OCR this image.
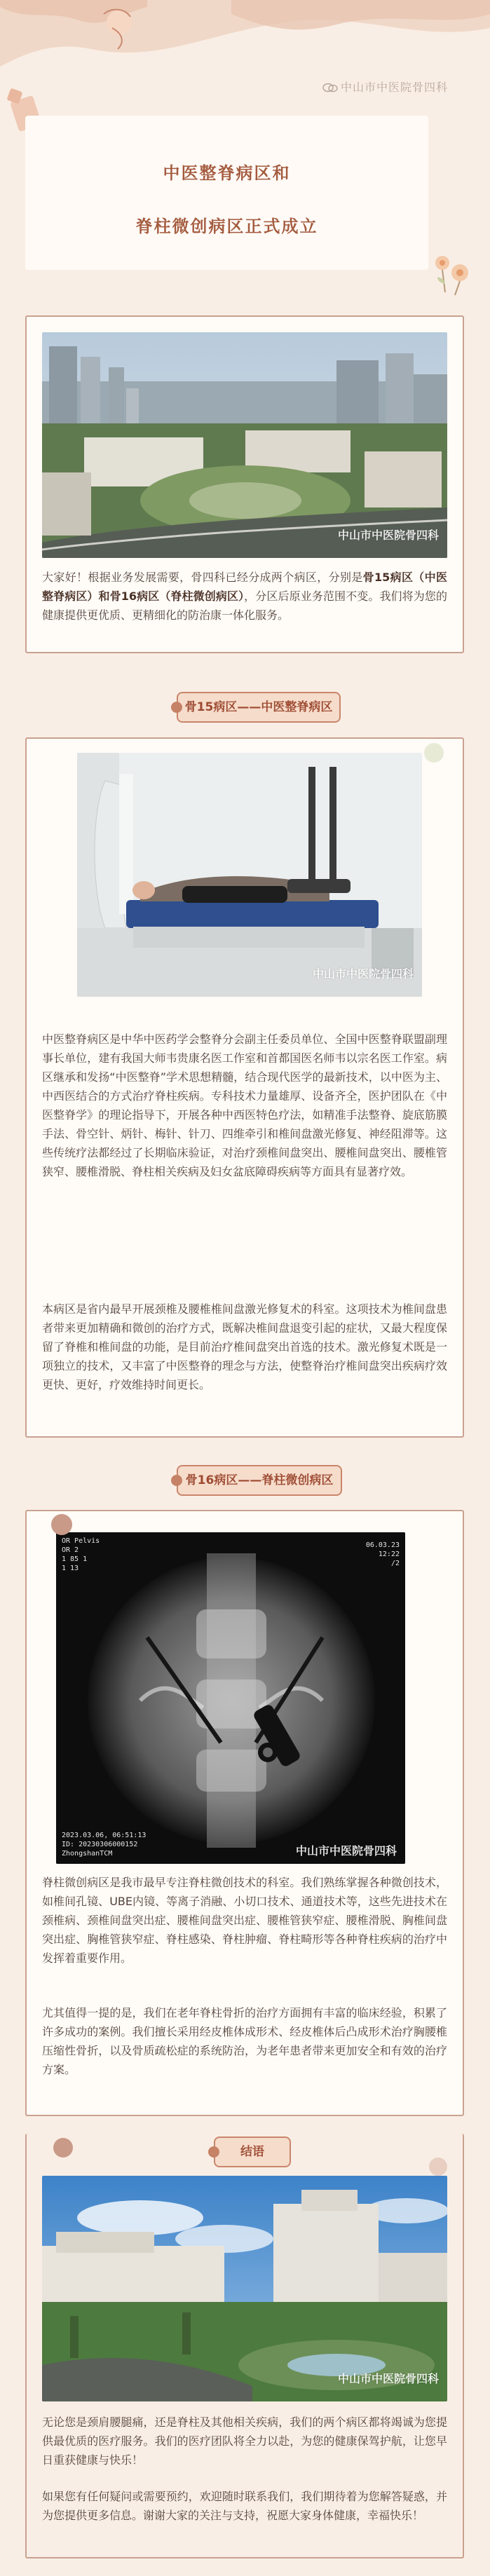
中山市中医院骨四科
中医整脊病区和
脊柱微创病区正式成立
中山市中医院骨四科
大家好！根据业务发展需要，骨四科已经分成两个病区，分别是骨15病区（中医整脊病区）和骨16病区（脊柱微创病区），分区后原业务范围不变。我们将为您的健康提供更优质、更精细化的防治康一体化服务。
骨15病区——中医整脊病区
中山市中医院骨四科
中医整脊病区是中华中医药学会整脊分会副主任委员单位、全国中医整脊联盟副理事长单位，建有我国大师韦贵康名医工作室和首都国医名师韦以宗名医工作室。病区继承和发扬“中医整脊”学术思想精髓，结合现代医学的最新技术，以中医为主、中西医结合的方式治疗脊柱疾病。专科技术力量雄厚、设备齐全，医护团队在《中医整脊学》的理论指导下，开展各种中西医特色疗法，如精准手法整脊、旋底筋膜手法、骨空针、炳针、梅针、针刀、四维牵引和椎间盘激光修复、神经阻滞等。这些传统疗法都经过了长期临床验证，对治疗颈椎间盘突出、腰椎间盘突出、腰椎管狭窄、腰椎滑脱、脊柱相关疾病及妇女盆底障碍疾病等方面具有显著疗效。
本病区是省内最早开展颈椎及腰椎椎间盘激光修复术的科室。这项技术为椎间盘患者带来更加精确和微创的治疗方式，既解决椎间盘退变引起的症状，又最大程度保留了脊椎和椎间盘的功能，是目前治疗椎间盘突出首选的技术。激光修复术既是一项独立的技术，又丰富了中医整脊的理念与方法，使整脊治疗椎间盘突出疾病疗效更快、更好，疗效维持时间更长。
骨16病区——脊柱微创病区
OR Pelvis
OR 2
1 85 1
1 13
06.03.23
12:22
/2
2023.03.06, 06:51:13
ID: 20230306000152
ZhongshanTCM	中山市中医院骨四科
脊柱微创病区是我市最早专注脊柱微创技术的科室。我们熟练掌握各种微创技术，如椎间孔镜、UBE内镜、等离子消融、小切口技术、通道技术等，这些先进技术在颈椎病、颈椎间盘突出症、腰椎间盘突出症、腰椎管狭窄症、腰椎滑脱、胸椎间盘突出症、胸椎管狭窄症、脊柱感染、脊柱肿瘤、脊柱畸形等各种脊柱疾病的治疗中发挥着重要作用。
尤其值得一提的是，我们在老年脊柱骨折的治疗方面拥有丰富的临床经验，积累了许多成功的案例。我们擅长采用经皮椎体成形术、经皮椎体后凸成形术治疗胸腰椎压缩性骨折，以及骨质疏松症的系统防治，为老年患者带来更加安全和有效的治疗方案。
结语
中山市中医院骨四科
无论您是颈肩腰腿痛，还是脊柱及其他相关疾病，我们的两个病区都将竭诚为您提供最优质的医疗服务。我们的医疗团队将全力以赴，为您的健康保驾护航，让您早日重获健康与快乐！
如果您有任何疑问或需要预约，欢迎随时联系我们，我们期待着为您解答疑惑，并为您提供更多信息。谢谢大家的关注与支持，祝愿大家身体健康，幸福快乐！
